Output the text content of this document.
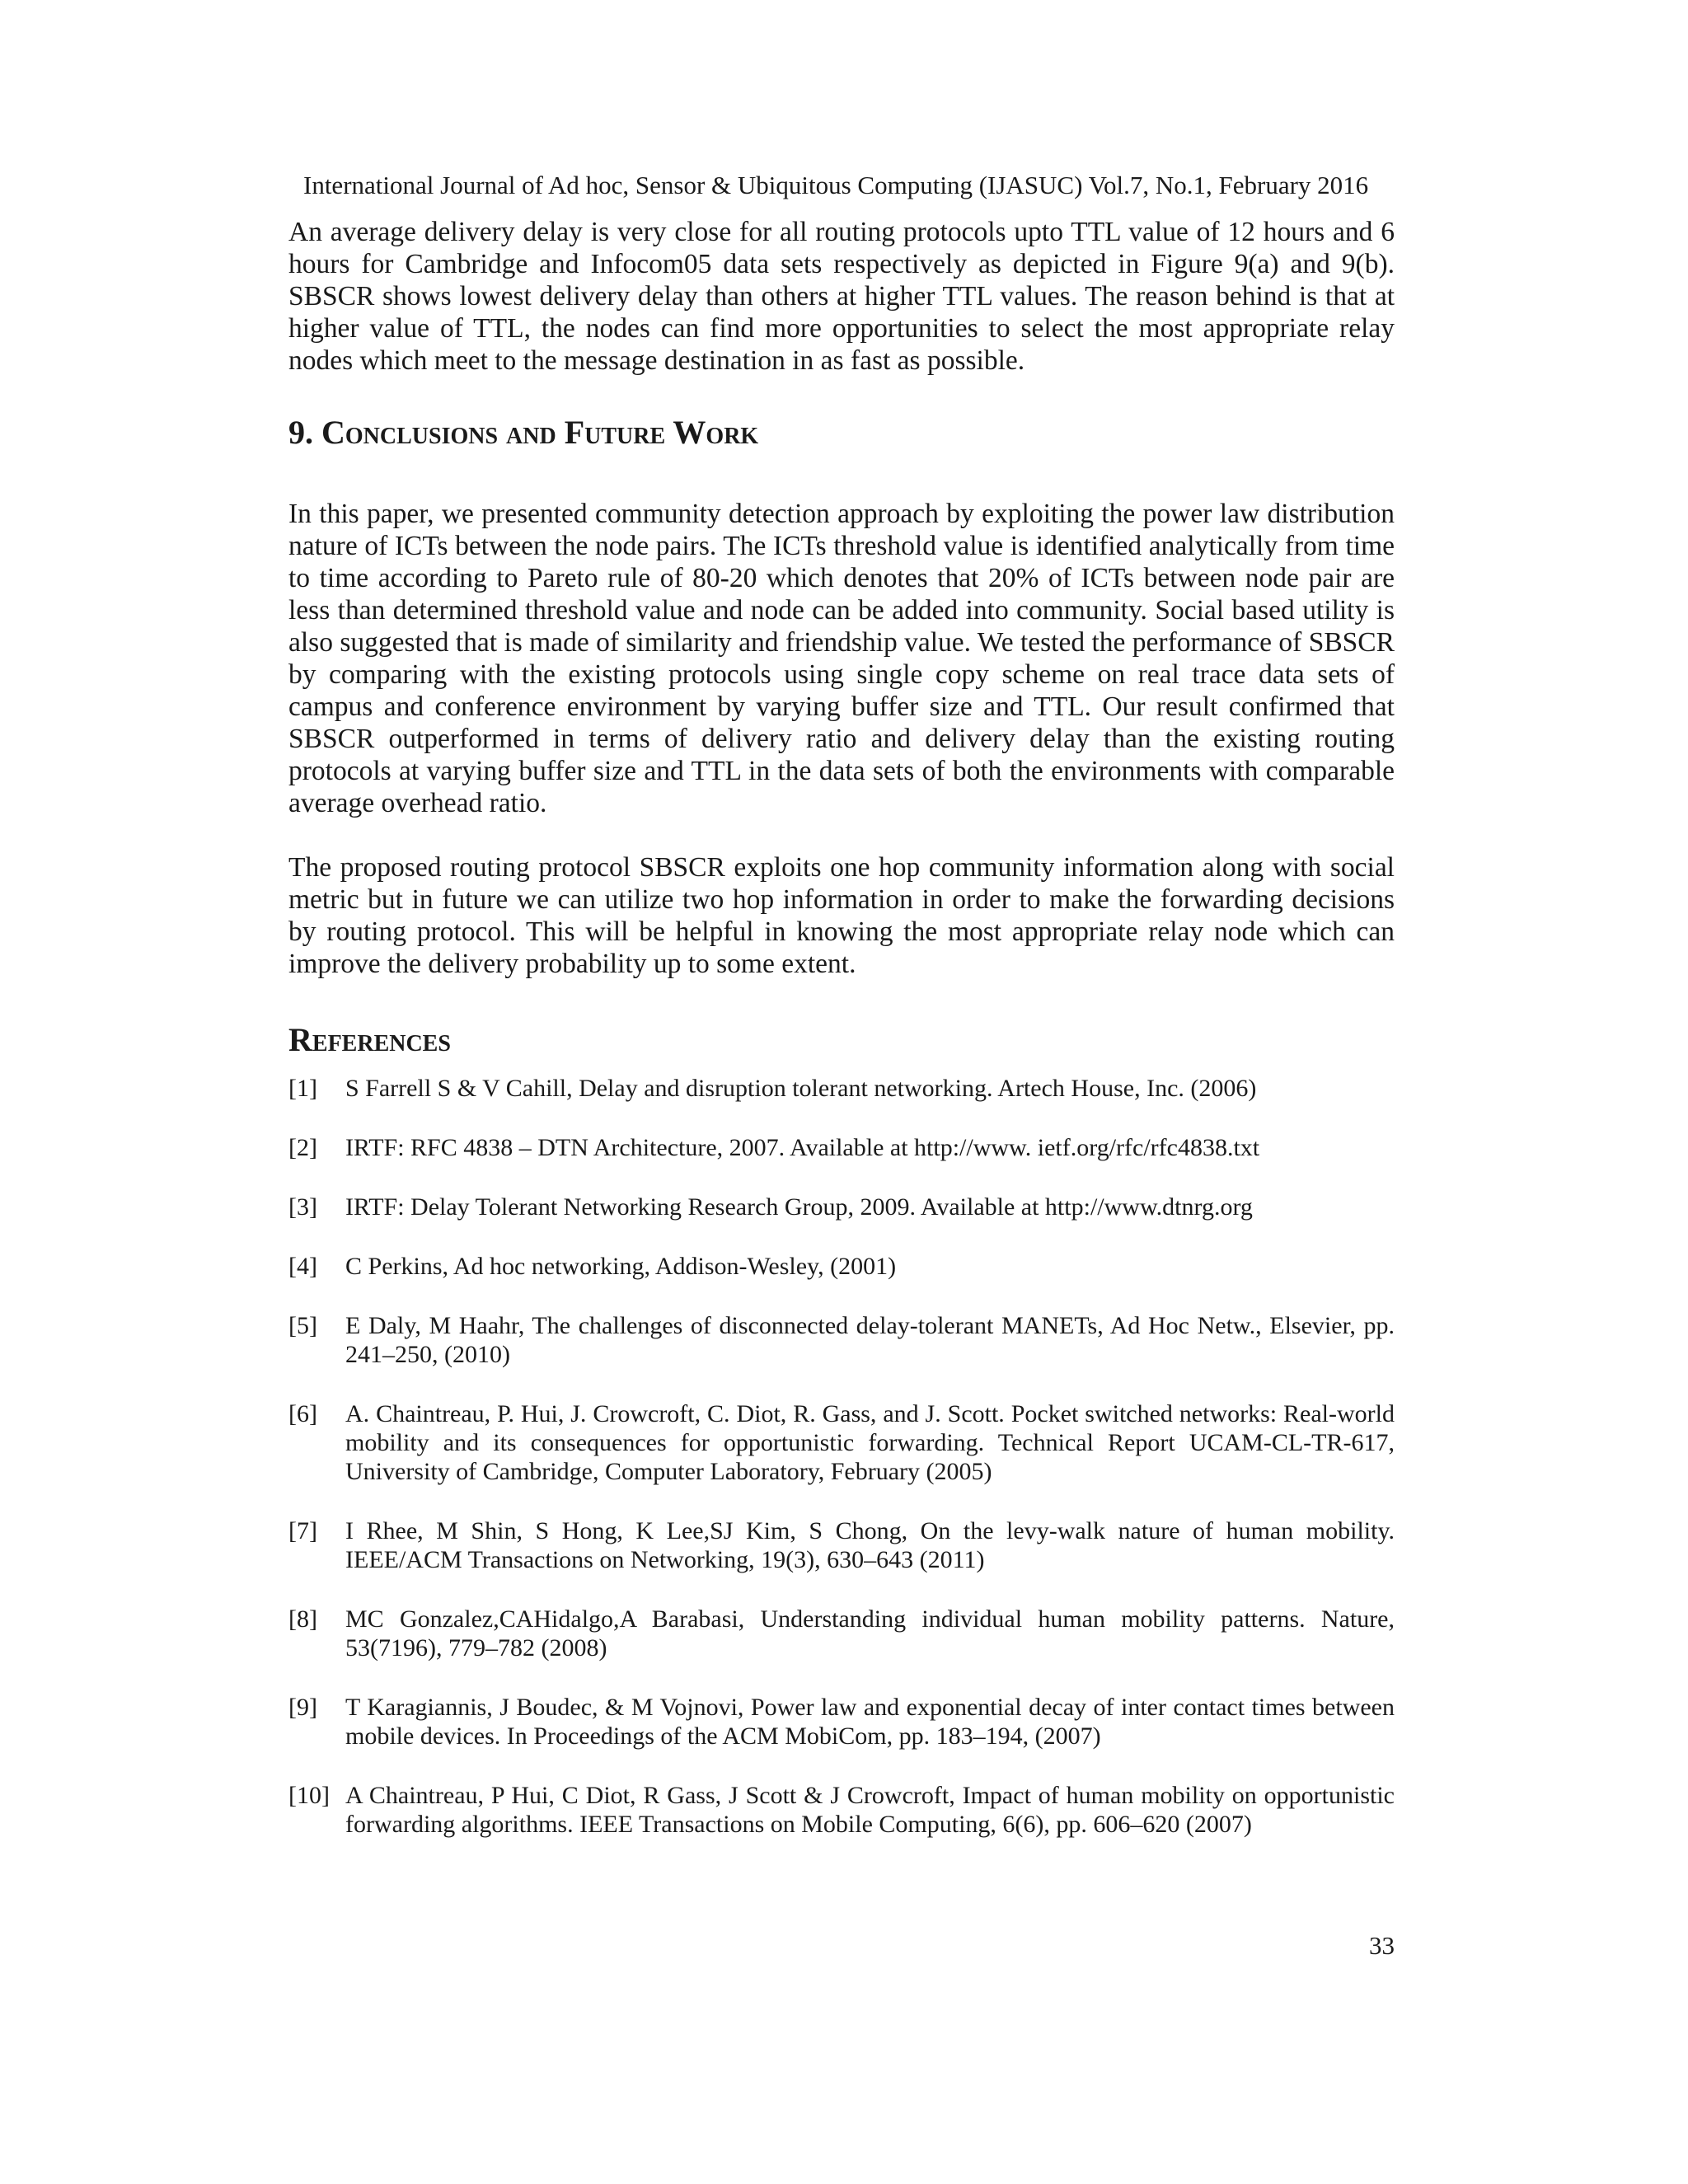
International Journal of Ad hoc, Sensor & Ubiquitous Computing (IJASUC) Vol.7, No.1, February 2016

An average delivery delay is very close for all routing protocols upto TTL value of 12 hours and 6 hours for Cambridge and Infocom05 data sets respectively as depicted in Figure 9(a) and 9(b). SBSCR shows lowest delivery delay than others at higher TTL values. The reason behind is that at higher value of TTL, the nodes can find more opportunities to select the most appropriate relay nodes which meet to the message destination in as fast as possible.

9. Conclusions and Future Work

In this paper, we presented community detection approach by exploiting the power law distribution nature of ICTs between the node pairs. The ICTs threshold value is identified analytically from time to time according to Pareto rule of 80-20 which denotes that 20% of ICTs between node pair are less than determined threshold value and node can be added into community. Social based utility is also suggested that is made of similarity and friendship value. We tested the performance of SBSCR by comparing with the existing protocols using single copy scheme on real trace data sets of campus and conference environment by varying buffer size and TTL. Our result confirmed that SBSCR outperformed in terms of delivery ratio and delivery delay than the existing routing protocols at varying buffer size and TTL in the data sets of both the environments with comparable average overhead ratio.

The proposed routing protocol SBSCR exploits one hop community information along with social metric but in future we can utilize two hop information in order to make the forwarding decisions by routing protocol. This will be helpful in knowing the most appropriate relay node which can improve the delivery probability up to some extent.

References
[1]	S Farrell S & V Cahill, Delay and disruption tolerant networking. Artech House, Inc. (2006)
[2]	IRTF: RFC 4838 – DTN Architecture, 2007. Available at http://www. ietf.org/rfc/rfc4838.txt
[3]	IRTF: Delay Tolerant Networking Research Group, 2009. Available at http://www.dtnrg.org
[4]	C Perkins, Ad hoc networking, Addison-Wesley, (2001)
[5]	E Daly, M Haahr, The challenges of disconnected delay-tolerant MANETs, Ad Hoc Netw., Elsevier, pp. 241–250, (2010)
[6]	A. Chaintreau, P. Hui, J. Crowcroft, C. Diot, R. Gass, and J. Scott. Pocket switched networks: Real-world mobility and its consequences for opportunistic forwarding. Technical Report UCAM-CL-TR-617, University of Cambridge, Computer Laboratory, February (2005)
[7]	I Rhee, M Shin, S Hong, K Lee,SJ Kim, S Chong, On the levy-walk nature of human mobility. IEEE/ACM Transactions on Networking, 19(3), 630–643 (2011)
[8]	MC Gonzalez,CAHidalgo,A Barabasi, Understanding individual human mobility patterns. Nature, 53(7196), 779–782 (2008)
[9]	T Karagiannis, J Boudec, & M Vojnovi, Power law and exponential decay of inter contact times between mobile devices. In Proceedings of the ACM MobiCom, pp. 183–194, (2007)
[10] A Chaintreau, P Hui, C Diot, R Gass, J Scott & J Crowcroft, Impact of human mobility on opportunistic forwarding algorithms. IEEE Transactions on Mobile Computing, 6(6), pp. 606–620 (2007)
33
